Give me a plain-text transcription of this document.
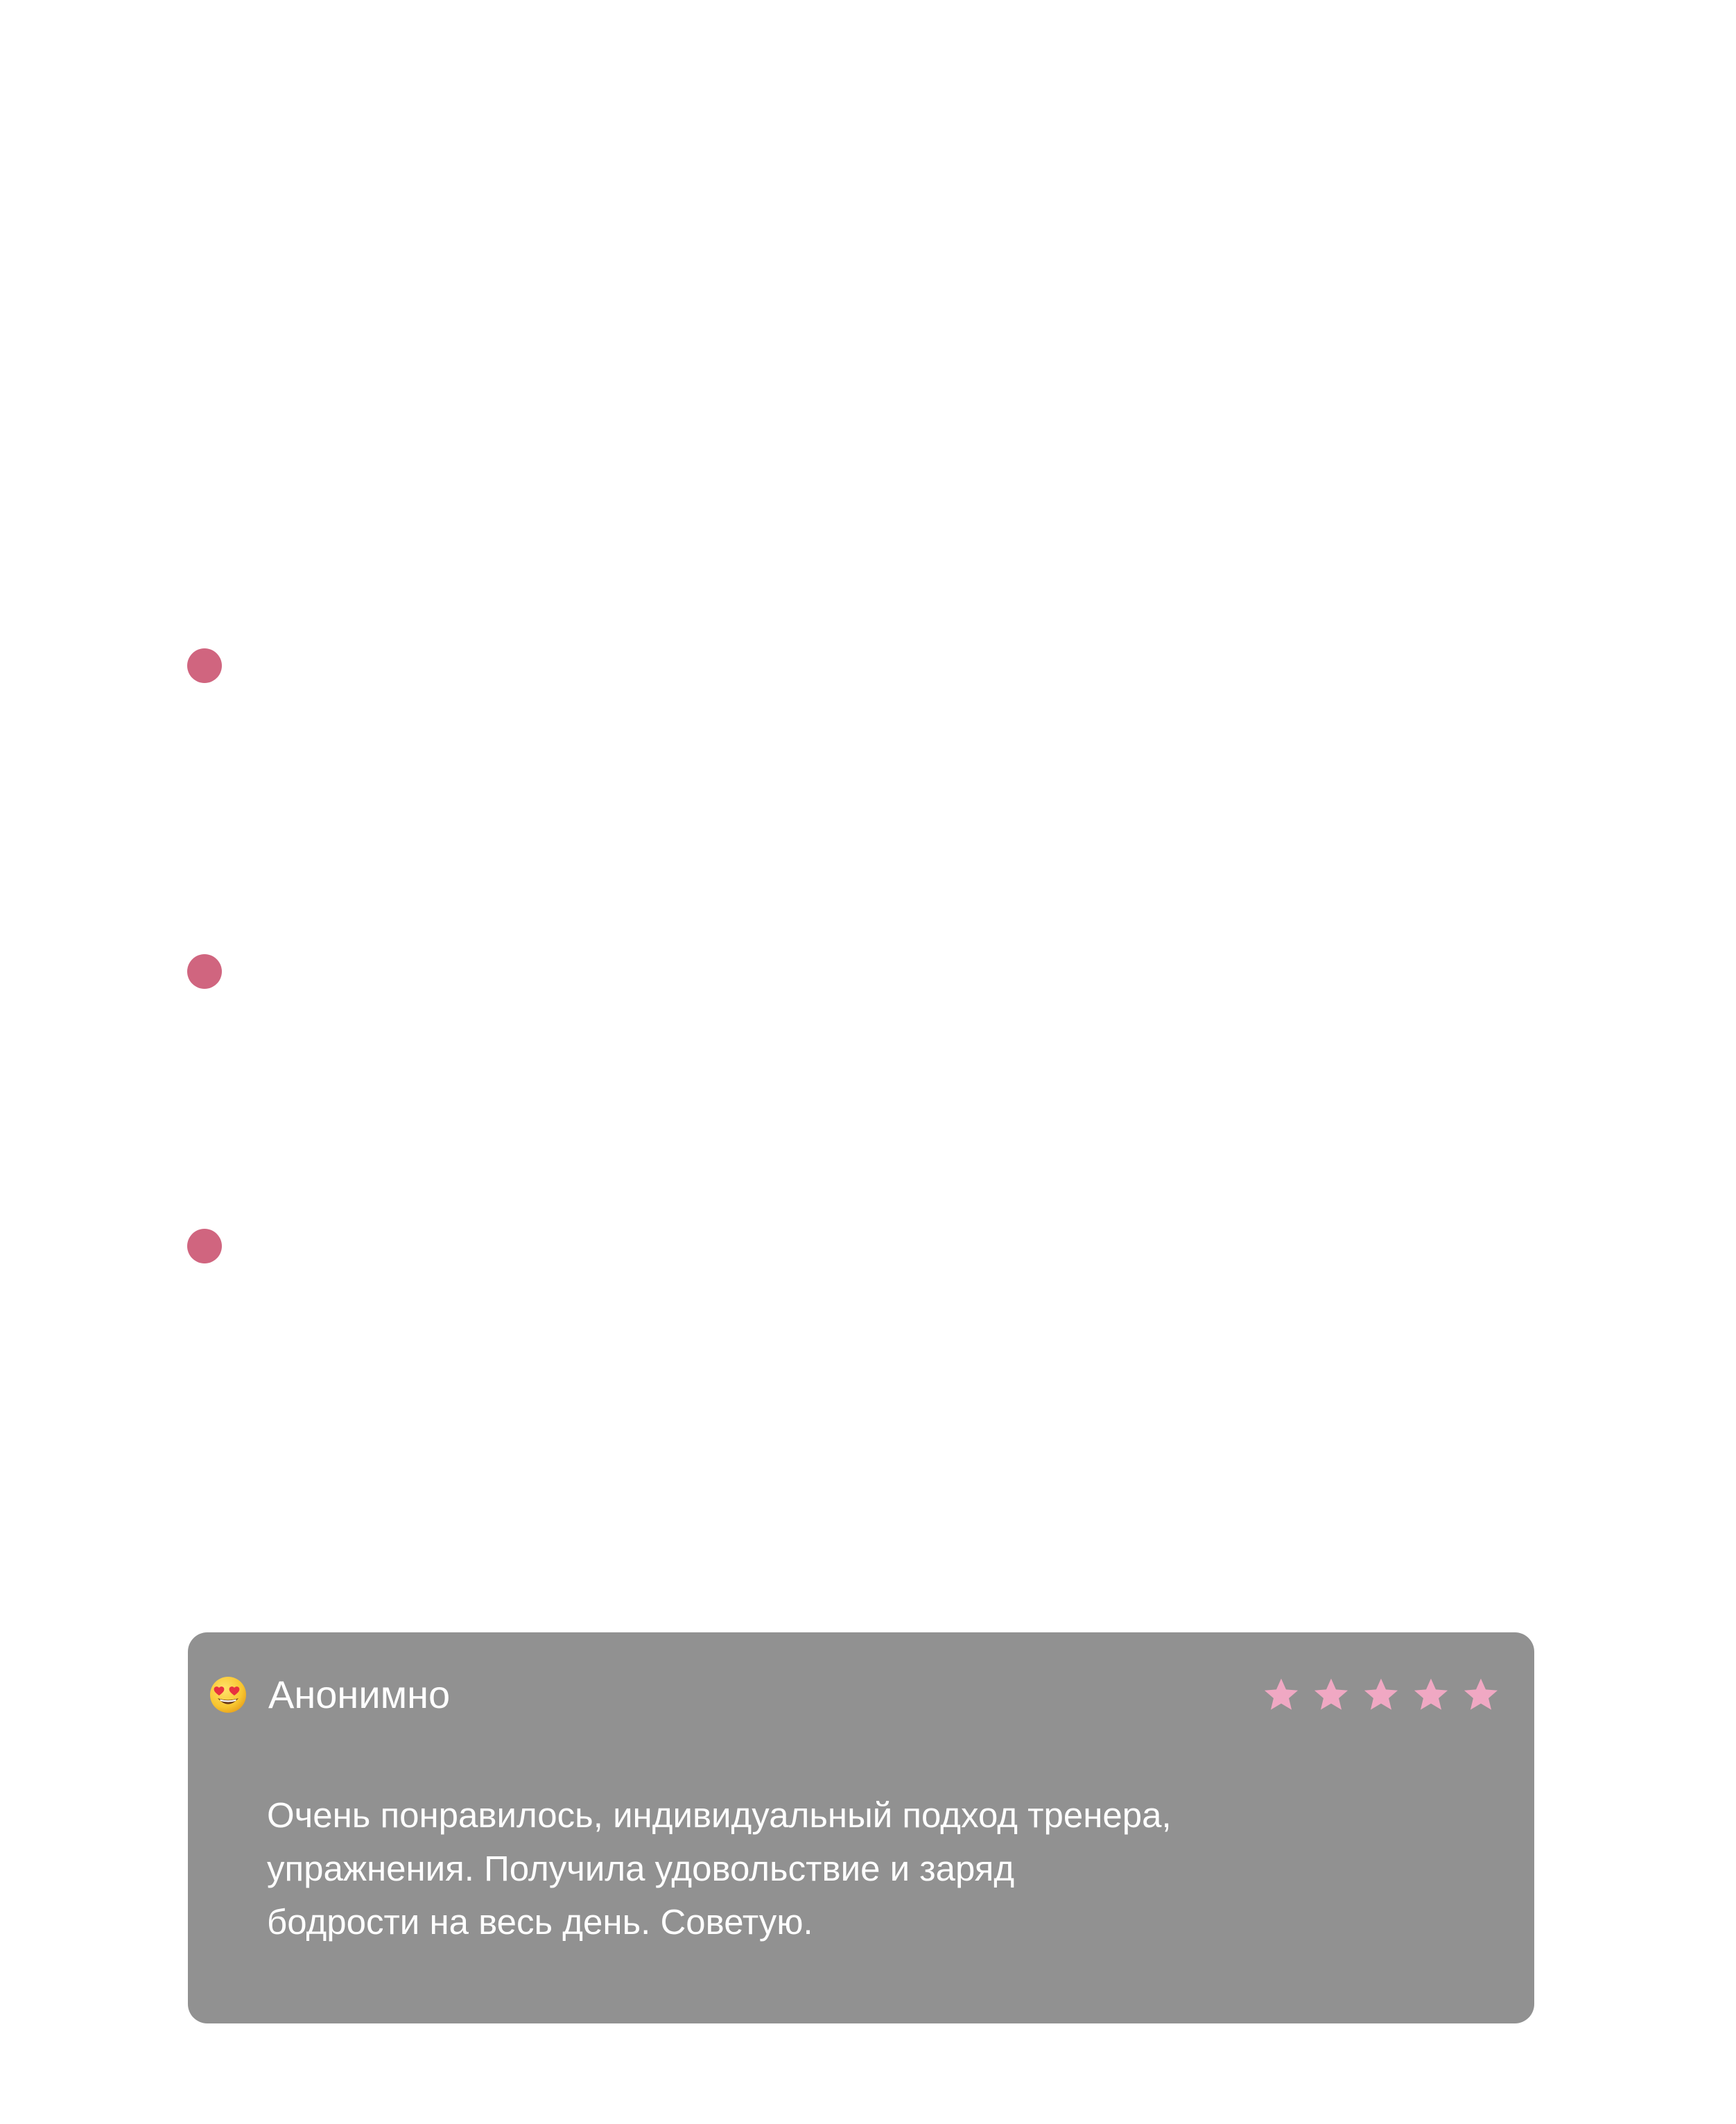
Анонимно

Очень понравилось, индивидуальный подход тренера,
упражнения. Получила удовольствие и заряд
бодрости на весь день. Советую.
